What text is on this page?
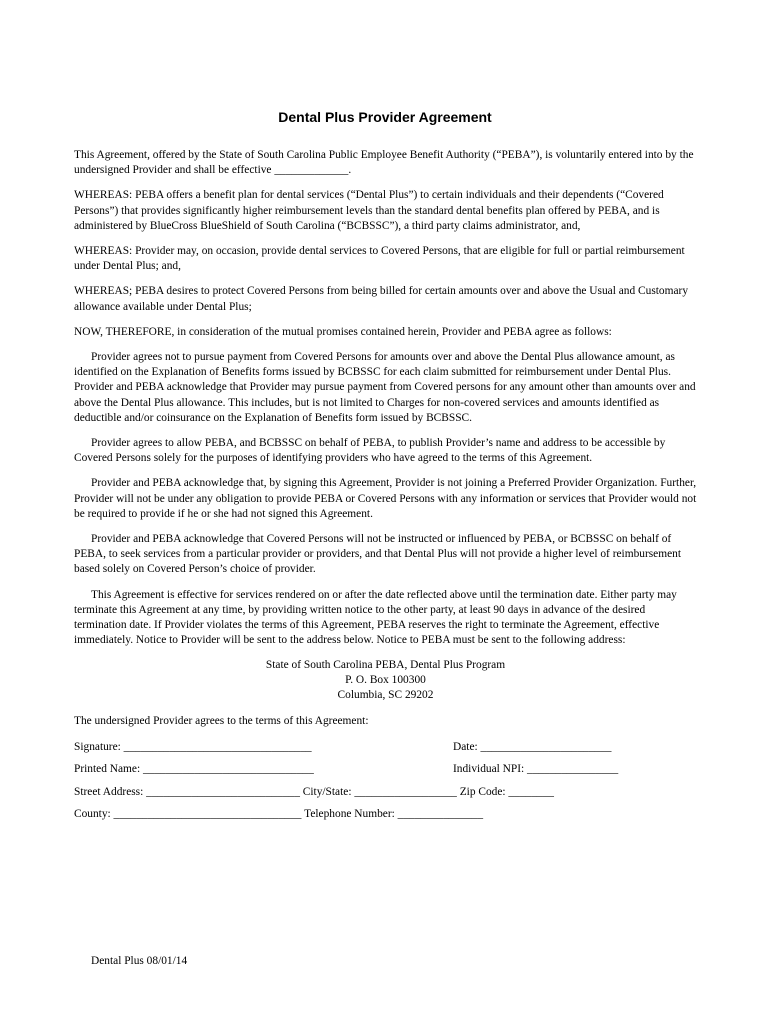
Dental Plus Provider Agreement

This Agreement, offered by the State of South Carolina Public Employee Benefit Authority (“PEBA”), is voluntarily entered into by the undersigned Provider and shall be effective _____________.

WHEREAS: PEBA offers a benefit plan for dental services (“Dental Plus”) to certain individuals and their dependents (“Covered Persons”) that provides significantly higher reimbursement levels than the standard dental benefits plan offered by PEBA, and is administered by BlueCross BlueShield of South Carolina (“BCBSSC”), a third party claims administrator, and,

WHEREAS: Provider may, on occasion, provide dental services to Covered Persons, that are eligible for full or partial reimbursement under Dental Plus; and,

WHEREAS; PEBA desires to protect Covered Persons from being billed for certain amounts over and above the Usual and Customary allowance available under Dental Plus;

NOW, THEREFORE, in consideration of the mutual promises contained herein, Provider and PEBA agree as follows:

Provider agrees not to pursue payment from Covered Persons for amounts over and above the Dental Plus allowance amount, as identified on the Explanation of Benefits forms issued by BCBSSC for each claim submitted for reimbursement under Dental Plus. Provider and PEBA acknowledge that Provider may pursue payment from Covered persons for any amount other than amounts over and above the Dental Plus allowance. This includes, but is not limited to Charges for non-covered services and amounts identified as deductible and/or coinsurance on the Explanation of Benefits form issued by BCBSSC.

Provider agrees to allow PEBA, and BCBSSC on behalf of PEBA, to publish Provider’s name and address to be accessible by Covered Persons solely for the purposes of identifying providers who have agreed to the terms of this Agreement.

Provider and PEBA acknowledge that, by signing this Agreement, Provider is not joining a Preferred Provider Organization. Further, Provider will not be under any obligation to provide PEBA or Covered Persons with any information or services that Provider would not be required to provide if he or she had not signed this Agreement.

Provider and PEBA acknowledge that Covered Persons will not be instructed or influenced by PEBA, or BCBSSC on behalf of PEBA, to seek services from a particular provider or providers, and that Dental Plus will not provide a higher level of reimbursement based solely on Covered Person’s choice of provider.

This Agreement is effective for services rendered on or after the date reflected above until the termination date. Either party may terminate this Agreement at any time, by providing written notice to the other party, at least 90 days in advance of the desired termination date. If Provider violates the terms of this Agreement, PEBA reserves the right to terminate the Agreement, effective immediately. Notice to Provider will be sent to the address below. Notice to PEBA must be sent to the following address:

State of South Carolina PEBA, Dental Plus Program
P. O. Box 100300
Columbia, SC 29202

The undersigned Provider agrees to the terms of this Agreement:

Signature: _________________________________	Date: _______________________
Printed Name: ______________________________	Individual NPI: ________________
Street Address: ___________________________ City/State: __________________ Zip Code: ________
County: _________________________________ Telephone Number: _______________
Dental Plus 08/01/14
